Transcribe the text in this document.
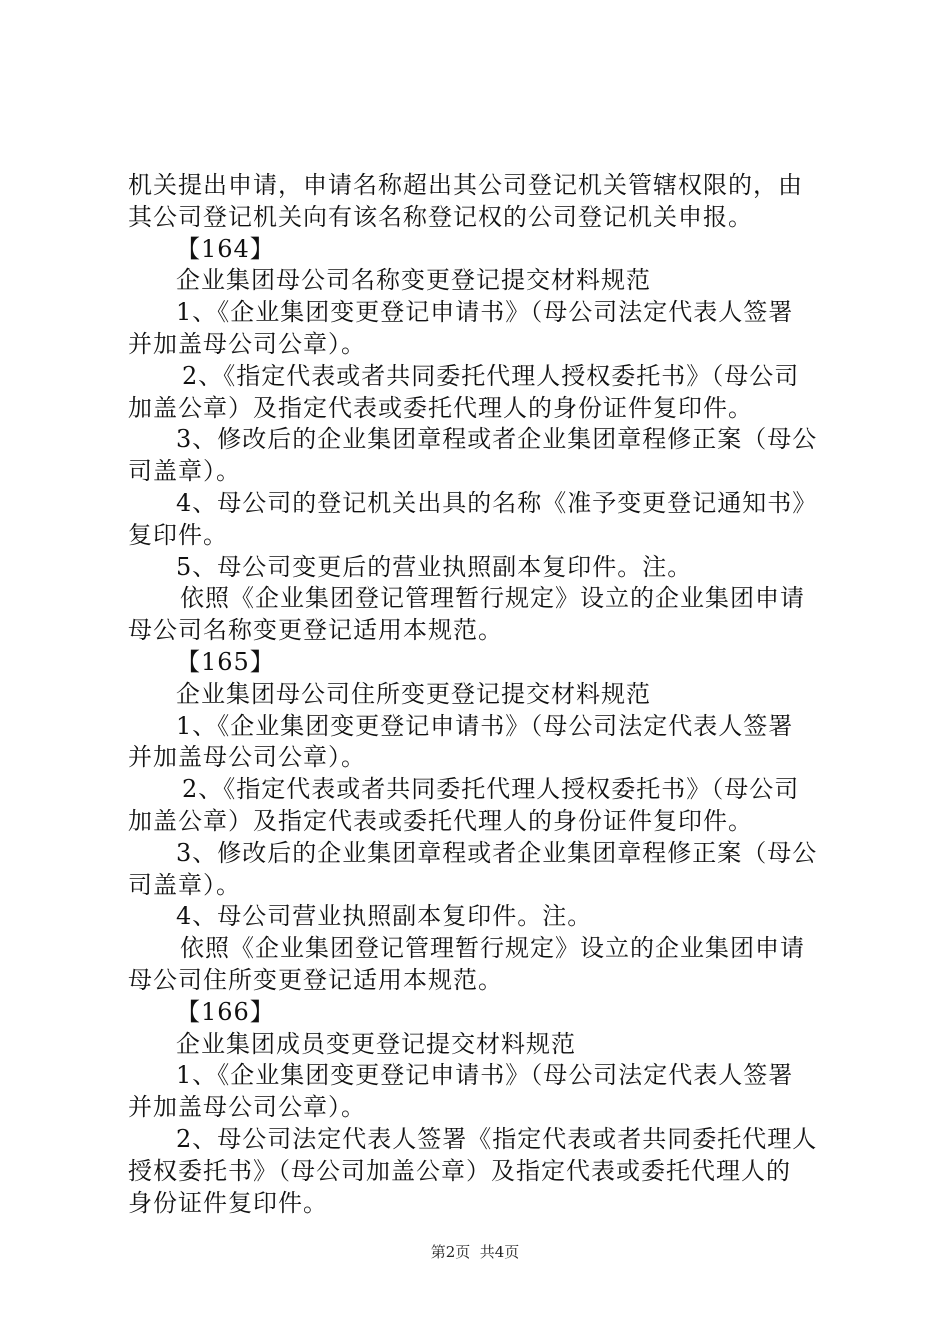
机关提出申请，申请名称超出其公司登记机关管辖权限的，由
其公司登记机关向有该名称登记权的公司登记机关申报。
【164】
企业集团母公司名称变更登记提交材料规范
1、《企业集团变更登记申请书》（母公司法定代表人签署
并加盖母公司公章）。
2、《指定代表或者共同委托代理人授权委托书》（母公司
加盖公章）及指定代表或委托代理人的身份证件复印件。
3、修改后的企业集团章程或者企业集团章程修正案（母公
司盖章）。
4、母公司的登记机关出具的名称《准予变更登记通知书》
复印件。
5、母公司变更后的营业执照副本复印件。注。
依照《企业集团登记管理暂行规定》设立的企业集团申请
母公司名称变更登记适用本规范。
【165】
企业集团母公司住所变更登记提交材料规范
1、《企业集团变更登记申请书》（母公司法定代表人签署
并加盖母公司公章）。
2、《指定代表或者共同委托代理人授权委托书》（母公司
加盖公章）及指定代表或委托代理人的身份证件复印件。
3、修改后的企业集团章程或者企业集团章程修正案（母公
司盖章）。
4、母公司营业执照副本复印件。注。
依照《企业集团登记管理暂行规定》设立的企业集团申请
母公司住所变更登记适用本规范。
【166】
企业集团成员变更登记提交材料规范
1、《企业集团变更登记申请书》（母公司法定代表人签署
并加盖母公司公章）。
2、母公司法定代表人签署《指定代表或者共同委托代理人
授权委托书》（母公司加盖公章）及指定代表或委托代理人的
身份证件复印件。
第2页  共4页
